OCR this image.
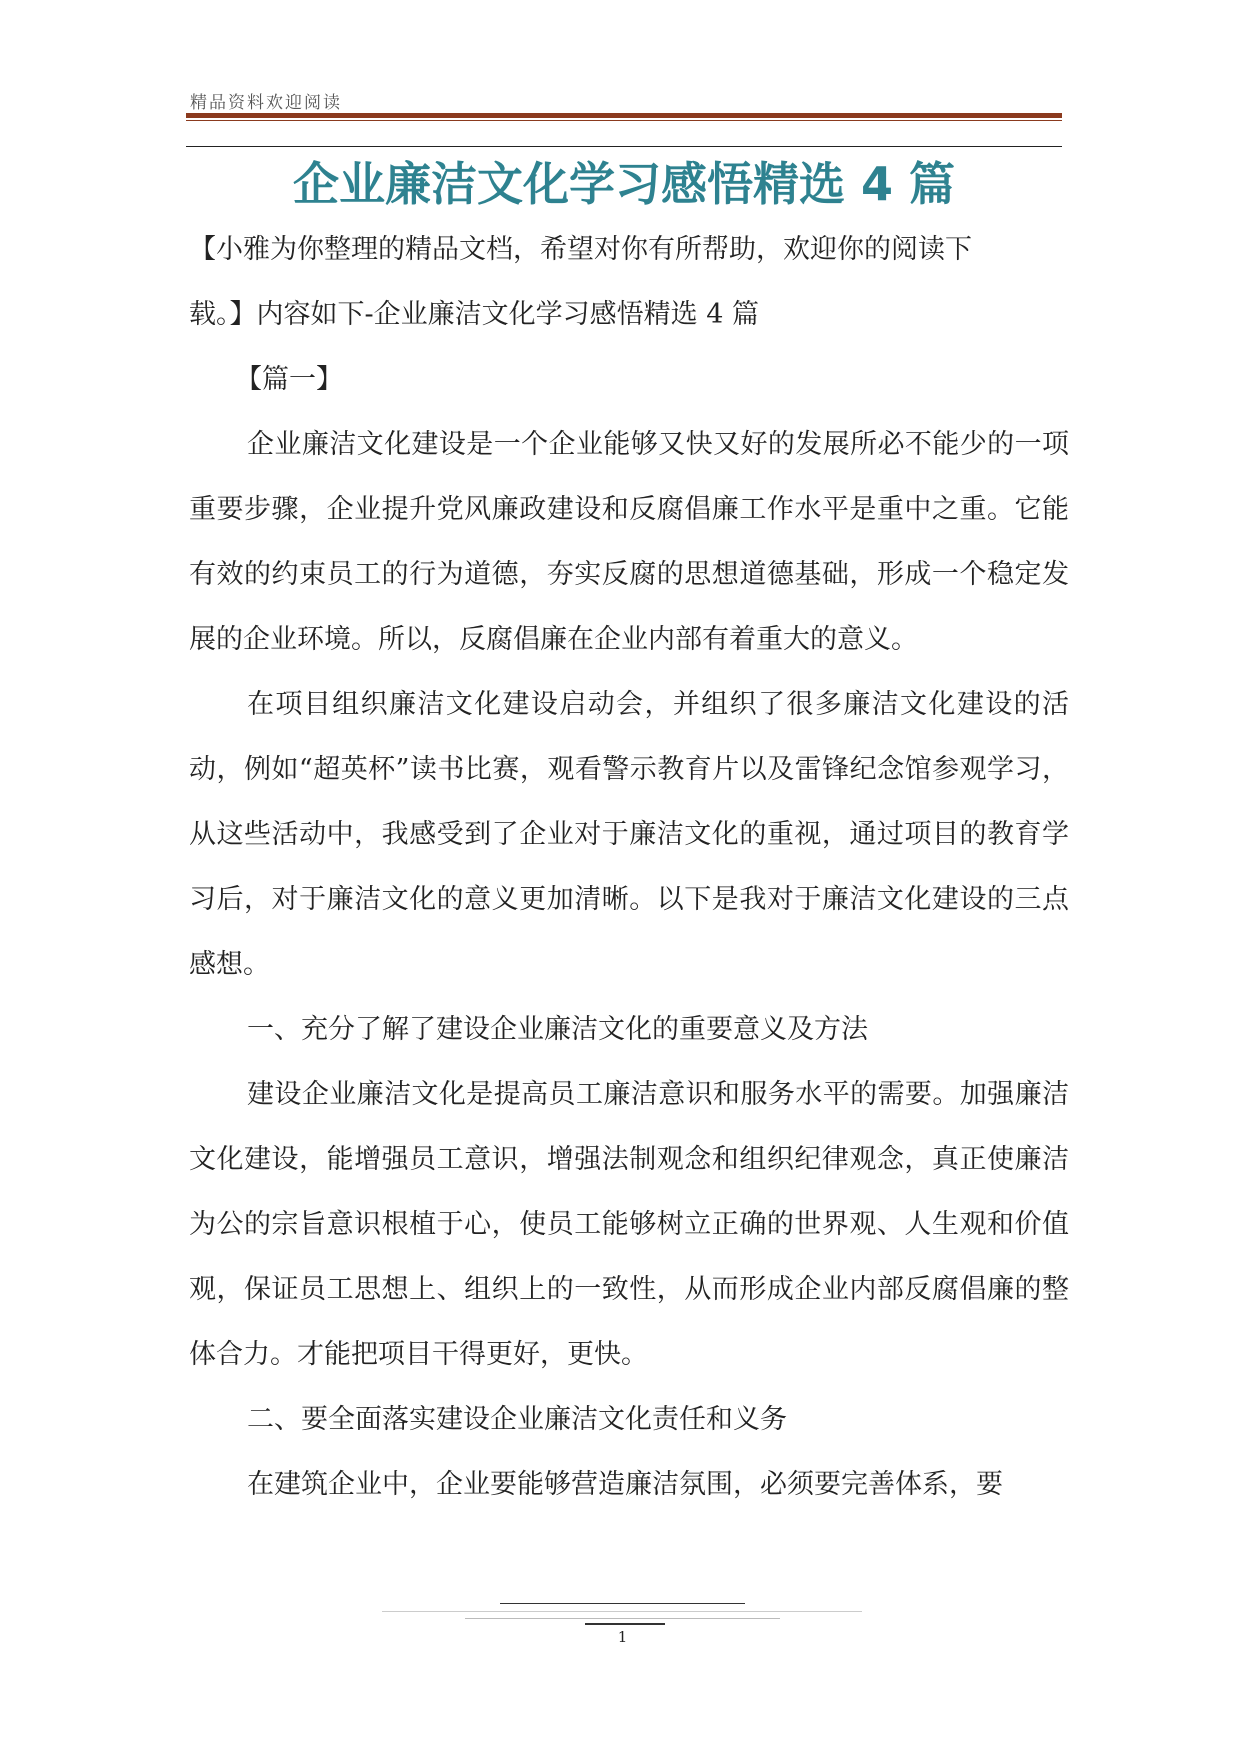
精品资料欢迎阅读
企业廉洁文化学习感悟精选 4 篇

【小雅为你整理的精品文档，希望对你有所帮助，欢迎你的阅读下

载。】内容如下-企业廉洁文化学习感悟精选 4 篇

【篇一】

企业廉洁文化建设是一个企业能够又快又好的发展所必不能少的一项重要步骤，企业提升党风廉政建设和反腐倡廉工作水平是重中之重。它能有效的约束员工的行为道德，夯实反腐的思想道德基础，形成一个稳定发展的企业环境。所以，反腐倡廉在企业内部有着重大的意义。

在项目组织廉洁文化建设启动会，并组织了很多廉洁文化建设的活动，例如“超英杯”读书比赛，观看警示教育片以及雷锋纪念馆参观学习，从这些活动中，我感受到了企业对于廉洁文化的重视，通过项目的教育学习后，对于廉洁文化的意义更加清晰。以下是我对于廉洁文化建设的三点感想。

一、充分了解了建设企业廉洁文化的重要意义及方法

建设企业廉洁文化是提高员工廉洁意识和服务水平的需要。加强廉洁文化建设，能增强员工意识，增强法制观念和组织纪律观念，真正使廉洁为公的宗旨意识根植于心，使员工能够树立正确的世界观、人生观和价值观，保证员工思想上、组织上的一致性，从而形成企业内部反腐倡廉的整体合力。才能把项目干得更好，更快。

二、要全面落实建设企业廉洁文化责任和义务

在建筑企业中，企业要能够营造廉洁氛围，必须要完善体系，要

1
